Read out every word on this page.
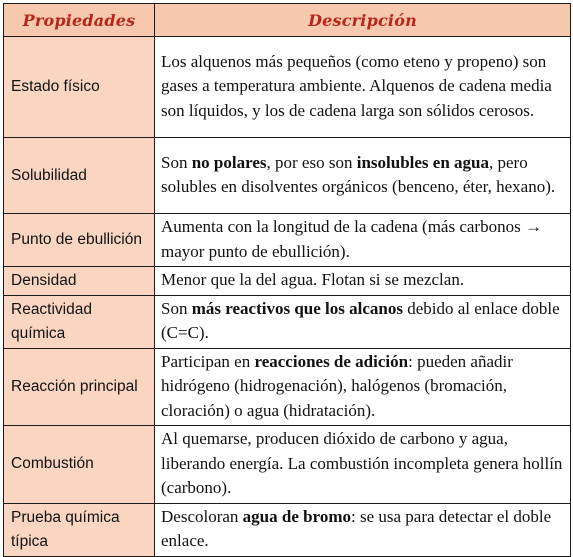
Propiedades	Descripción
Estado físico	Los alquenos más pequeños (como eteno y propeno) son gases a temperatura ambiente. Alquenos de cadena media son líquidos, y los de cadena larga son sólidos cerosos.
Solubilidad	Son no polares, por eso son insolubles en agua, pero solubles en disolventes orgánicos (benceno, éter, hexano).
Punto de ebullición	Aumenta con la longitud de la cadena (más carbonos → mayor punto de ebullición).
Densidad	Menor que la del agua. Flotan si se mezclan.
Reactividad química	Son más reactivos que los alcanos debido al enlace doble (C=C).
Reacción principal	Participan en reacciones de adición: pueden añadir hidrógeno (hidrogenación), halógenos (bromación, cloración) o agua (hidratación).
Combustión	Al quemarse, producen dióxido de carbono y agua, liberando energía. La combustión incompleta genera hollín (carbono).
Prueba química típica	Descoloran agua de bromo: se usa para detectar el doble enlace.
